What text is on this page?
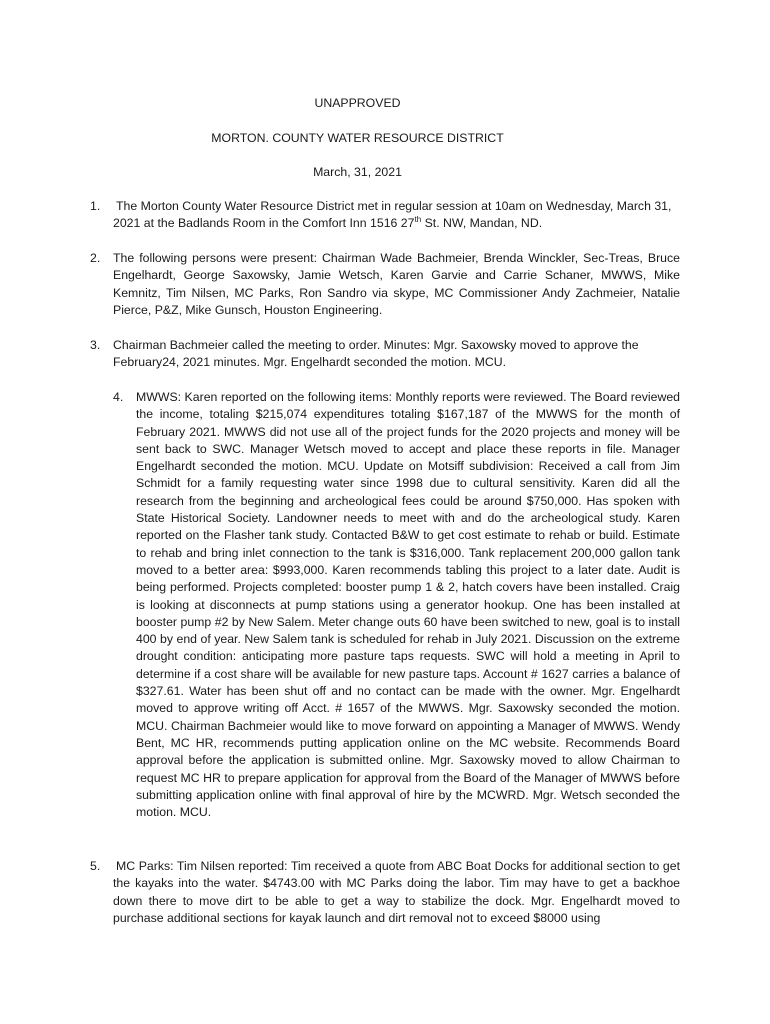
UNAPPROVED
MORTON. COUNTY WATER RESOURCE DISTRICT
March, 31, 2021
1. The Morton County Water Resource District met in regular session at 10am on Wednesday, March 31, 2021 at the Badlands Room in the Comfort Inn 1516 27th St. NW, Mandan, ND.
2. The following persons were present: Chairman Wade Bachmeier, Brenda Winckler, Sec-Treas, Bruce Engelhardt, George Saxowsky, Jamie Wetsch, Karen Garvie and Carrie Schaner, MWWS, Mike Kemnitz, Tim Nilsen, MC Parks, Ron Sandro via skype, MC Commissioner Andy Zachmeier, Natalie Pierce, P&Z, Mike Gunsch, Houston Engineering.
3. Chairman Bachmeier called the meeting to order. Minutes: Mgr. Saxowsky moved to approve the February24, 2021 minutes. Mgr. Engelhardt seconded the motion. MCU.
4. MWWS: Karen reported on the following items: Monthly reports were reviewed. The Board reviewed the income, totaling $215,074 expenditures totaling $167,187 of the MWWS for the month of February 2021. MWWS did not use all of the project funds for the 2020 projects and money will be sent back to SWC. Manager Wetsch moved to accept and place these reports in file. Manager Engelhardt seconded the motion. MCU. Update on Motsiff subdivision: Received a call from Jim Schmidt for a family requesting water since 1998 due to cultural sensitivity. Karen did all the research from the beginning and archeological fees could be around $750,000. Has spoken with State Historical Society. Landowner needs to meet with and do the archeological study. Karen reported on the Flasher tank study. Contacted B&W to get cost estimate to rehab or build. Estimate to rehab and bring inlet connection to the tank is $316,000. Tank replacement 200,000 gallon tank moved to a better area: $993,000. Karen recommends tabling this project to a later date. Audit is being performed. Projects completed: booster pump 1 & 2, hatch covers have been installed. Craig is looking at disconnects at pump stations using a generator hookup. One has been installed at booster pump #2 by New Salem. Meter change outs 60 have been switched to new, goal is to install 400 by end of year. New Salem tank is scheduled for rehab in July 2021. Discussion on the extreme drought condition: anticipating more pasture taps requests. SWC will hold a meeting in April to determine if a cost share will be available for new pasture taps. Account # 1627 carries a balance of $327.61. Water has been shut off and no contact can be made with the owner. Mgr. Engelhardt moved to approve writing off Acct. # 1657 of the MWWS. Mgr. Saxowsky seconded the motion. MCU. Chairman Bachmeier would like to move forward on appointing a Manager of MWWS. Wendy Bent, MC HR, recommends putting application online on the MC website. Recommends Board approval before the application is submitted online. Mgr. Saxowsky moved to allow Chairman to request MC HR to prepare application for approval from the Board of the Manager of MWWS before submitting application online with final approval of hire by the MCWRD. Mgr. Wetsch seconded the motion. MCU.
5. MC Parks: Tim Nilsen reported: Tim received a quote from ABC Boat Docks for additional section to get the kayaks into the water. $4743.00 with MC Parks doing the labor. Tim may have to get a backhoe down there to move dirt to be able to get a way to stabilize the dock. Mgr. Engelhardt moved to purchase additional sections for kayak launch and dirt removal not to exceed $8000 using
